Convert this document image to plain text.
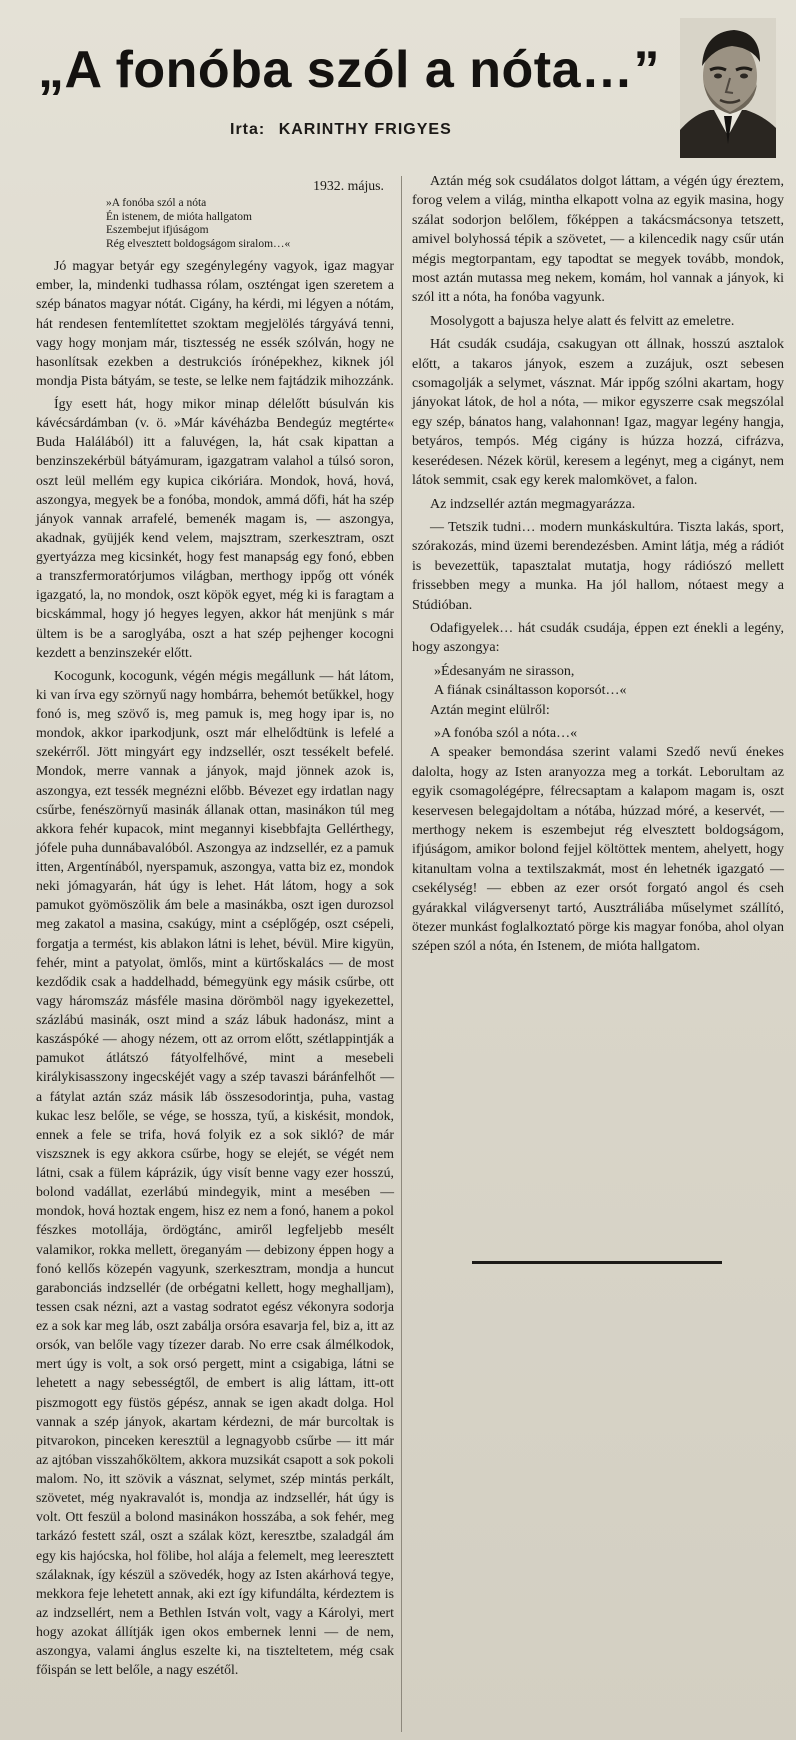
„A fonóba szól a nóta…”
Irta: KARINTHY FRIGYES
1932. május.
»A fonóba szól a nóta
Én istenem, de mióta hallgatom
Eszembejut ifjúságom
Rég elvesztett boldogságom siralom…«

Jó magyar betyár egy szegénylegény vagyok, igaz magyar ember, la, mindenki tudhassa rólam, oszténgat igen szeretem a szép bánatos magyar nótát. Cigány, ha kérdi, mi légyen a nótám, hát rendesen fentemlítettet szoktam megjelölés tárgyává tenni, vagy hogy monjam már, tisztesség ne essék szólván, hogy ne hasonlítsak ezekben a destrukciós írónépekhez, kiknek jól mondja Pista bátyám, se teste, se lelke nem fajtádzik mihozzánk.

Így esett hát, hogy mikor minap délelőtt búsulván kis kávécsárdámban (v. ö. »Már kávéházba Bendegúz megtérte« Buda Halálából) itt a faluvégen, la, hát csak kipattan a benzinszekérbül bátyámuram, igazgatram valahol a túlsó soron, oszt leül mellém egy kupica cikóriára. Mondok, hová, hová, aszongya, megyek be a fonóba, mondok, ammá dőfi, hát ha szép jányok vannak arrafelé, bemenék magam is, — aszongya, akadnak, gyüjjék kend velem, majsztram, szerkesztram, oszt gyertyázza meg kicsinkét, hogy fest manapság egy fonó, ebben a transzfermoratórjumos világban, merthogy ippőg ott vónék igazgató, la, no mondok, oszt köpök egyet, még ki is faragtam a bicskámmal, hogy jó hegyes legyen, akkor hát menjünk s már ültem is be a saroglyába, oszt a hat szép pejhenger kocogni kezdett a benzinszekér előtt.

Kocogunk, kocogunk, végén mégis megállunk — hát látom, ki van írva egy szörnyű nagy hombárra, behemót betűkkel, hogy fonó is, meg szövő is, meg pamuk is, meg hogy ipar is, no mondok, akkor iparkodjunk, oszt már elhelődtünk is lefelé a szekérről. Jött mingyárt egy indzsellér, oszt tessékelt befelé. Mondok, merre vannak a jányok, majd jönnek azok is, aszongya, ezt tessék megnézni előbb. Bévezet egy irdatlan nagy csűrbe, fenészörnyű masinák állanak ottan, masinákon túl meg akkora fehér kupacok, mint megannyi kisebbfajta Gellérthegy, jófele puha dunnábavalóból. Aszongya az indzsellér, ez a pamuk itten, Argentínából, nyerspamuk, aszongya, vatta biz ez, mondok neki jómagyarán, hát úgy is lehet. Hát látom, hogy a sok pamukot gyömöszölik ám bele a masinákba, oszt igen durozsol meg zakatol a masina, csakúgy, mint a cséplőgép, oszt csépeli, forgatja a termést, kis ablakon látni is lehet, bévül. Mire kigyün, fehér, mint a patyolat, ömlős, mint a kürtőskalács — de most kezdődik csak a haddelhadd, bémegyünk egy másik csűrbe, ott vagy háromszáz másféle masina dörömböl nagy igyekezettel, százlábú masinák, oszt mind a száz lábuk hadonász, mint a kaszáspóké — ahogy nézem, ott az orrom előtt, szétlappintják a pamukot átlátszó fátyolfelhővé, mint a mesebeli királykisasszony ingecskéjét vagy a szép tavaszi báránfelhőt — a fátylat aztán száz másik láb összesodorintja, puha, vastag kukac lesz belőle, se vége, se hossza, tyű, a kiskésit, mondok, ennek a fele se trifa, hová folyik ez a sok sikló? de már viszsznek is egy akkora csűrbe, hogy se elejét, se végét nem látni, csak a fülem káprázik, úgy visít benne vagy ezer hosszú, bolond vadállat, ezerlábú mindegyik, mint a mesében — mondok, hová hoztak engem, hisz ez nem a fonó, hanem a pokol fészkes motollája, ördögtánc, amiről legfeljebb mesélt valamikor, rokka mellett, öreganyám — debizony éppen hogy a fonó kellős közepén vagyunk, szerkesztram, mondja a huncut garabonciás indzsellér (de orbégatni kellett, hogy meghalljam), tessen csak nézni, azt a vastag sodratot egész vékonyra sodorja ez a sok kar meg láb, oszt zabálja orsóra esavarja fel, biz a, itt az orsók, van belőle vagy tízezer darab. No erre csak álmélkodok, mert úgy is volt, a sok orsó pergett, mint a csigabiga, látni se lehetett a nagy sebességtől, de embert is alig láttam, itt-ott piszmogott egy füstös gépész, annak se igen akadt dolga. Hol vannak a szép jányok, akartam kérdezni, de már burcoltak is pitvarokon, pinceken keresztül a legnagyobb csűrbe — itt már az ajtóban visszahőköltem, akkora muzsikát csapott a sok pokoli malom. No, itt szövik a vásznat, selymet, szép mintás perkált, szövetet, még nyakravalót is, mondja az indzsellér, hát úgy is volt. Ott feszül a bolond masinákon hosszába, a sok fehér, meg tarkázó festett szál, oszt a szálak közt, keresztbe, szaladgál ám egy kis hajócska, hol fölibe, hol alája a felemelt, meg leeresztett szálaknak, így készül a szövedék, hogy az Isten akárhová tegye, mekkora feje lehetett annak, aki ezt így kifundálta, kérdeztem is az indzsellért, nem a Bethlen István volt, vagy a Károlyi, mert hogy azokat állítják igen okos embernek lenni — de nem, aszongya, valami ánglus eszelte ki, na tiszteltetem, még csak főispán se lett belőle, a nagy eszétől.

Aztán még sok csudálatos dolgot láttam, a végén úgy éreztem, forog velem a világ, mintha elkapott volna az egyik masina, hogy szálat sodorjon belőlem, főképpen a takácsmácsonya tetszett, amivel bolyhossá tépik a szövetet, — a kilencedik nagy csűr után mégis megtorpantam, egy tapodtat se megyek tovább, mondok, most aztán mutassa meg nekem, komám, hol vannak a jányok, ki szól itt a nóta, ha fonóba vagyunk.

Mosolygott a bajusza helye alatt és felvitt az emeletre.

Hát csudák csudája, csakugyan ott állnak, hosszú asztalok előtt, a takaros jányok, eszem a zuzájuk, oszt sebesen csomagolják a selymet, vásznat. Már ippőg szólni akartam, hogy jányokat látok, de hol a nóta, — mikor egyszerre csak megszólal egy szép, bánatos hang, valahonnan! Igaz, magyar legény hangja, betyáros, tempós. Még cigány is húzza hozzá, cifrázva, keserédesen. Nézek körül, keresem a legényt, meg a cigányt, nem látok semmit, csak egy kerek malomkövet, a falon.

Az indzsellér aztán megmagyarázza.

— Tetszik tudni… modern munkáskultúra. Tiszta lakás, sport, szórakozás, mind üzemi berendezésben. Amint látja, még a rádiót is bevezettük, tapasztalat mutatja, hogy rádiószó mellett frissebben megy a munka. Ha jól hallom, nótaest megy a Stúdióban.

Odafigyelek… hát csudák csudája, éppen ezt énekli a legény, hogy aszongya:

»Édesanyám ne sirasson,
A fiának csináltasson koporsót…«

Aztán megint elülről:

»A fonóba szól a nóta…«

A speaker bemondása szerint valami Szedő nevű énekes dalolta, hogy az Isten aranyozza meg a torkát. Leborultam az egyik csomagolégépre, félrecsaptam a kalapom magam is, oszt keservesen belegajdoltam a nótába, húzzad móré, a keservét, — merthogy nekem is eszembejut rég elvesztett boldogságom, ifjúságom, amikor bolond fejjel költöttek mentem, ahelyett, hogy kitanultam volna a textilszakmát, most én lehetnék igazgató — csekélység! — ebben az ezer orsót forgató angol és cseh gyárakkal világversenyt tartó, Ausztráliába műselymet szállító, ötezer munkást foglalkoztató pörge kis magyar fonóba, ahol olyan szépen szól a nóta, én Istenem, de mióta hallgatom.
